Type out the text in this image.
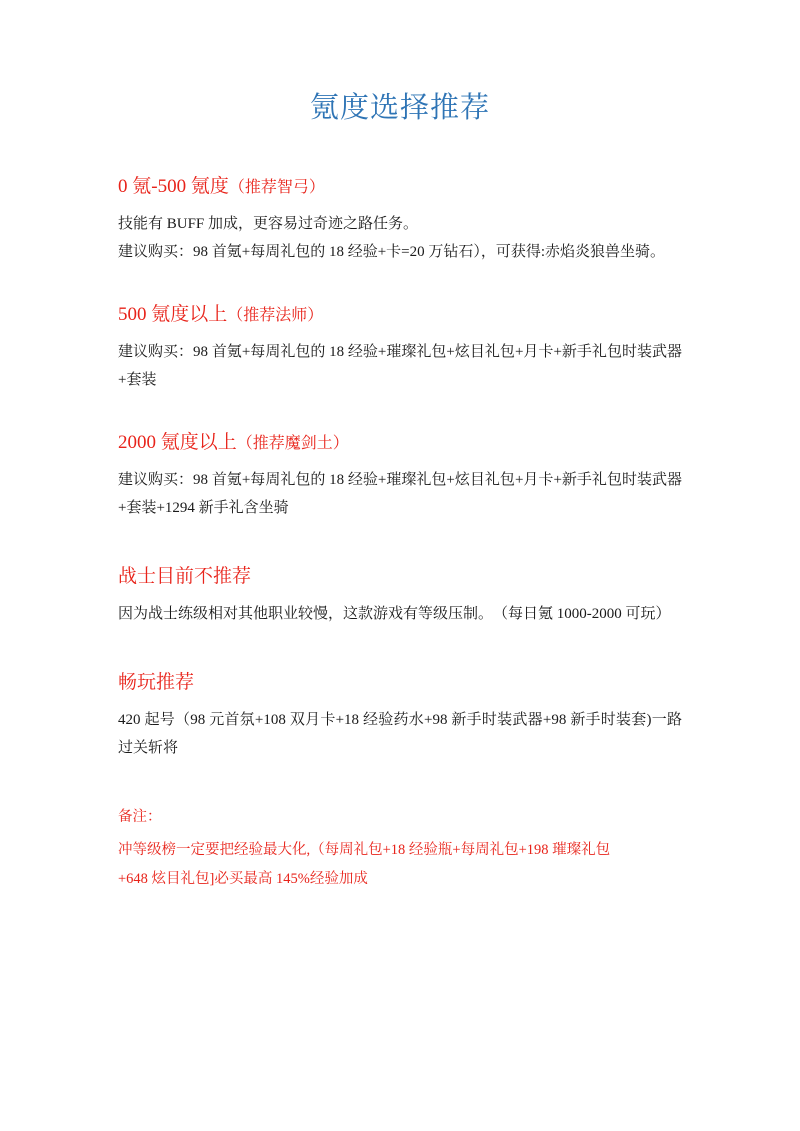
氪度选择推荐
0 氪-500 氪度（推荐智弓）

技能有 BUFF 加成，更容易过奇迹之路任务。

建议购买：98 首氪+每周礼包的 18 经验+卡=20 万钻石），可获得:赤焰炎狼兽坐骑。

500 氪度以上（推荐法师）

建议购买：98 首氪+每周礼包的 18 经验+璀璨礼包+炫目礼包+月卡+新手礼包时装武器+套装

2000 氪度以上（推荐魔剑土）

建议购买：98 首氪+每周礼包的 18 经验+璀璨礼包+炫目礼包+月卡+新手礼包时装武器+套装+1294 新手礼含坐骑

战士目前不推荐

因为战士练级相对其他职业较慢，这款游戏有等级压制。　（每日氪 1000-2000 可玩）

畅玩推荐

420 起号（98 元首氛+108 双月卡+18 经验药水+98 新手时装武器+98 新手时装套)一路过关斩将

备注：

冲等级榜一定要把经验最大化,（每周礼包+18 经验瓶+每周礼包+198 璀璨礼包

+648 炫目礼包]必买最高 145%经验加成
